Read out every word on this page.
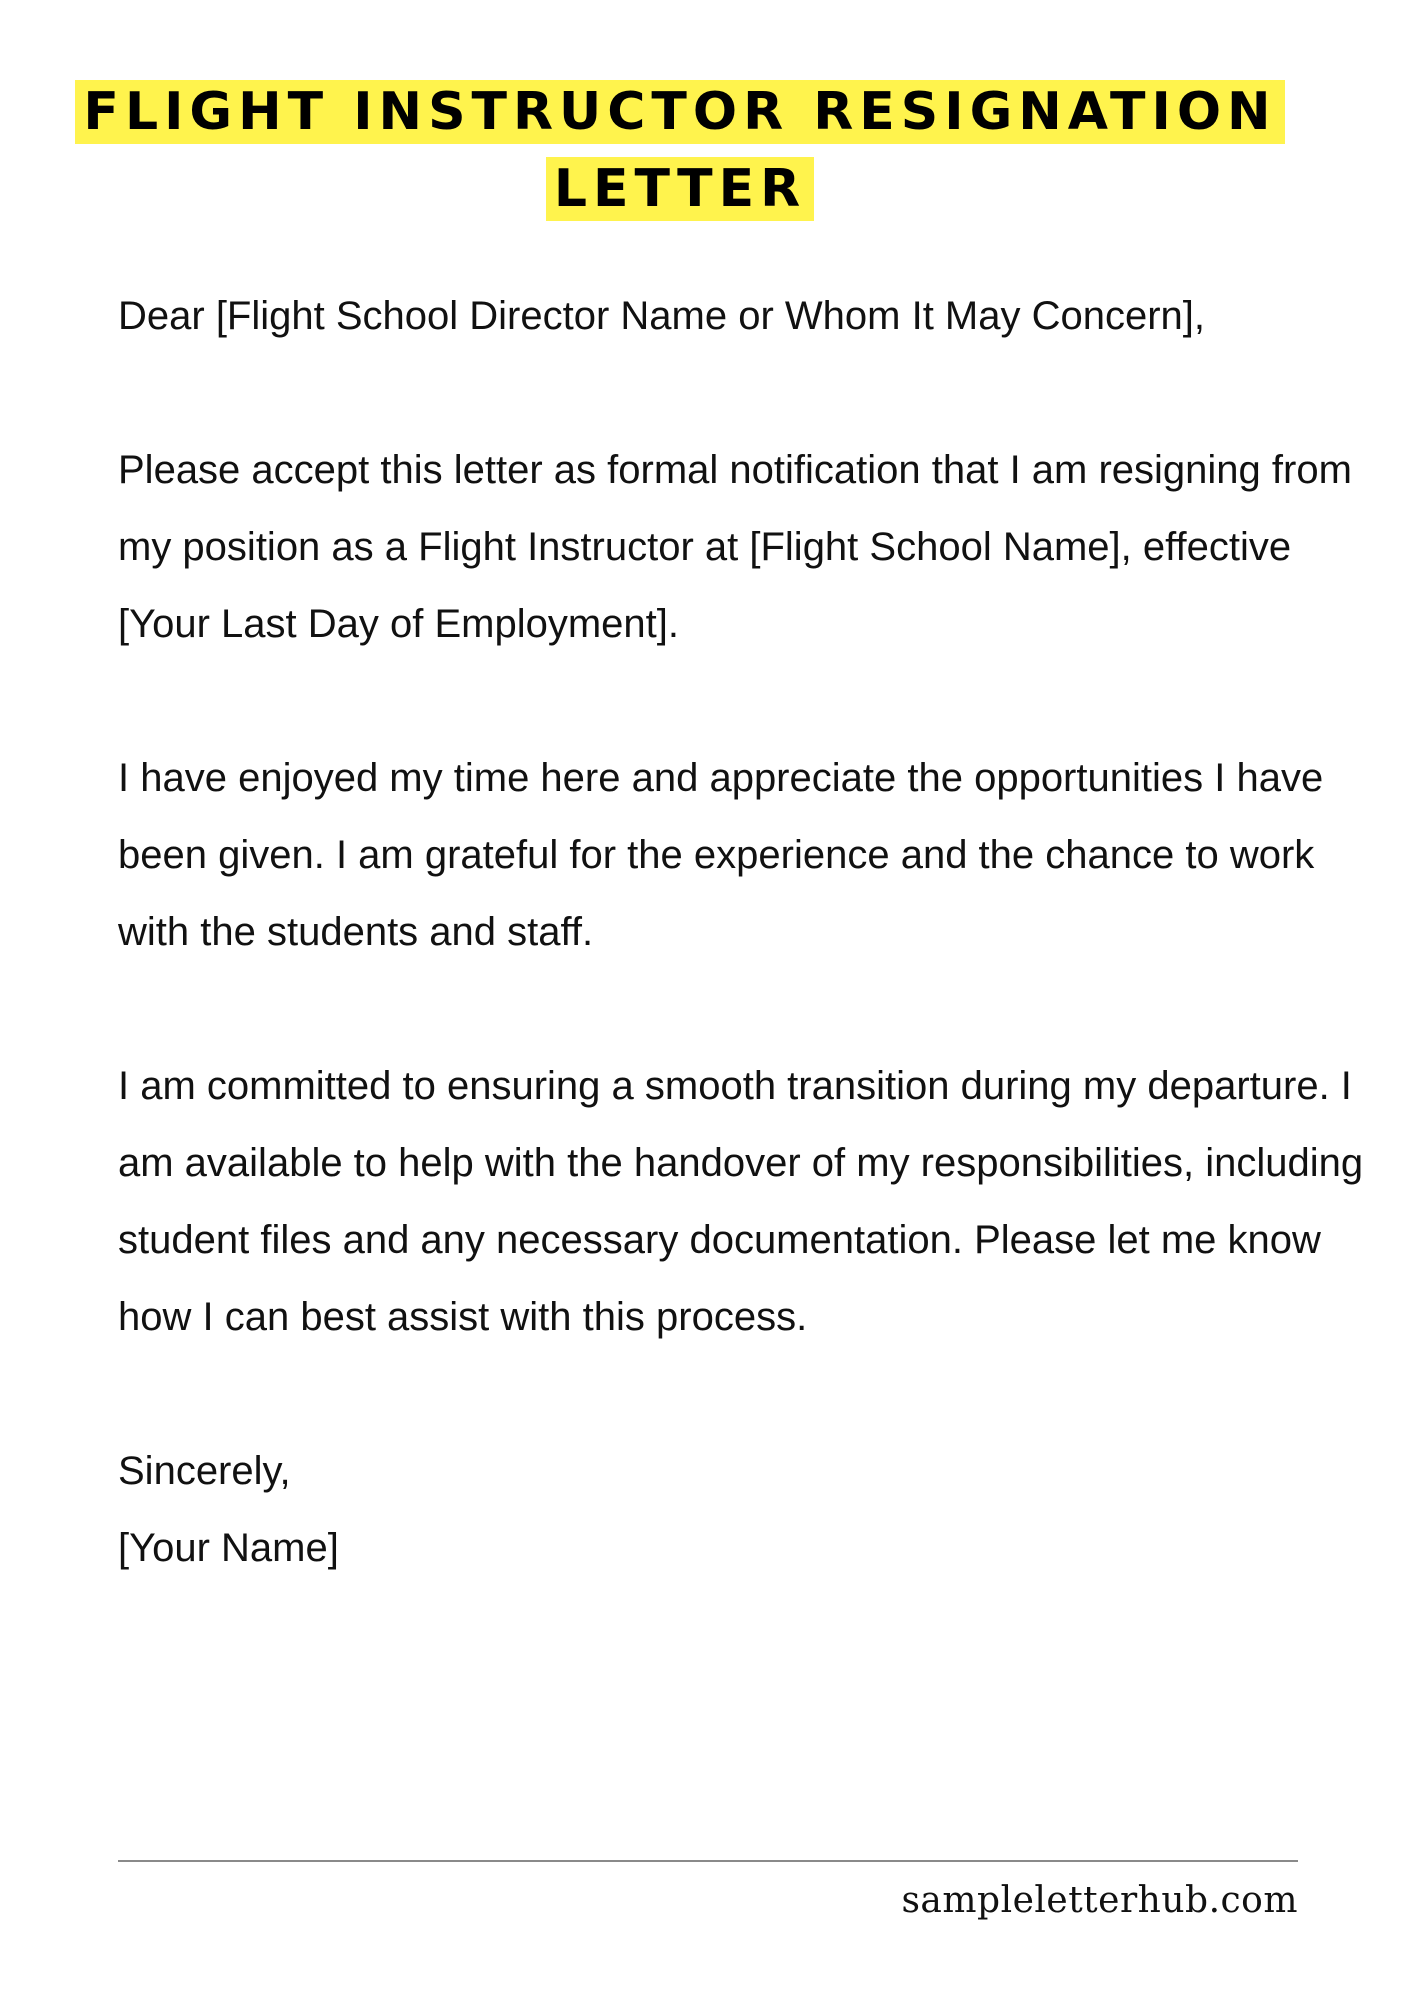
FLIGHT INSTRUCTOR RESIGNATION LETTER

Dear [Flight School Director Name or Whom It May Concern],

Please accept this letter as formal notification that I am resigning from my position as a Flight Instructor at [Flight School Name], effective [Your Last Day of Employment].

I have enjoyed my time here and appreciate the opportunities I have been given. I am grateful for the experience and the chance to work with the students and staff.

I am committed to ensuring a smooth transition during my departure. I am available to help with the handover of my responsibilities, including student files and any necessary documentation. Please let me know how I can best assist with this process.

Sincerely,

[Your Name]

sampleletterhub.com
